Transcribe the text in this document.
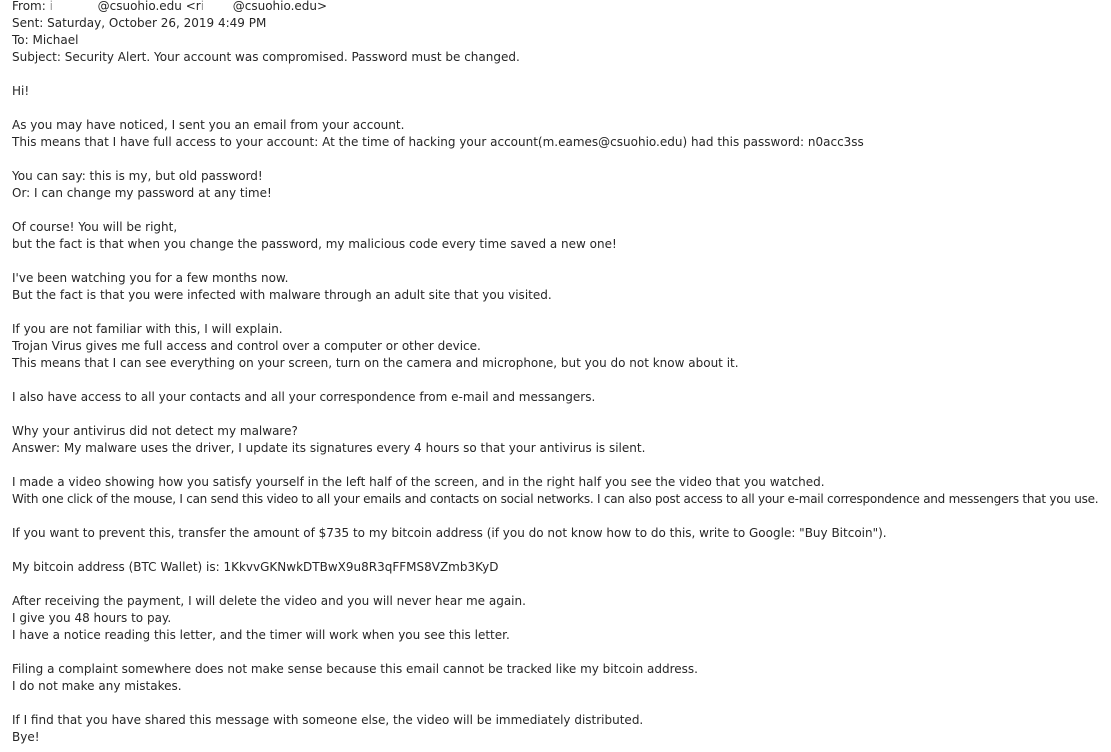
From: i	@csuohio.edu <ri @csuohio.edu>
Sent: Saturday, October 26, 2019 4:49 PM
To: Michael
Subject: Security Alert. Your account was compromised. Password must be changed.
Hi!
As you may have noticed, I sent you an email from your account.
This means that I have full access to your account: At the time of hacking your account(m.eames@csuohio.edu) had this password: n0acc3ss
You can say: this is my, but old password!
Or: I can change my password at any time!
Of course! You will be right,
but the fact is that when you change the password, my malicious code every time saved a new one!
I've been watching you for a few months now.
But the fact is that you were infected with malware through an adult site that you visited.
If you are not familiar with this, I will explain.
Trojan Virus gives me full access and control over a computer or other device.
This means that I can see everything on your screen, turn on the camera and microphone, but you do not know about it.
I also have access to all your contacts and all your correspondence from e-mail and messangers.
Why your antivirus did not detect my malware?
Answer: My malware uses the driver, I update its signatures every 4 hours so that your antivirus is silent.
I made a video showing how you satisfy yourself in the left half of the screen, and in the right half you see the video that you watched.
With one click of the mouse, I can send this video to all your emails and contacts on social networks. I can also post access to all your e-mail correspondence and messengers that you use.
If you want to prevent this, transfer the amount of $735 to my bitcoin address (if you do not know how to do this, write to Google: "Buy Bitcoin").
My bitcoin address (BTC Wallet) is: 1KkvvGKNwkDTBwX9u8R3qFFMS8VZmb3KyD
After receiving the payment, I will delete the video and you will never hear me again.
I give you 48 hours to pay.
I have a notice reading this letter, and the timer will work when you see this letter.
Filing a complaint somewhere does not make sense because this email cannot be tracked like my bitcoin address.
I do not make any mistakes.
If I find that you have shared this message with someone else, the video will be immediately distributed.
Bye!
